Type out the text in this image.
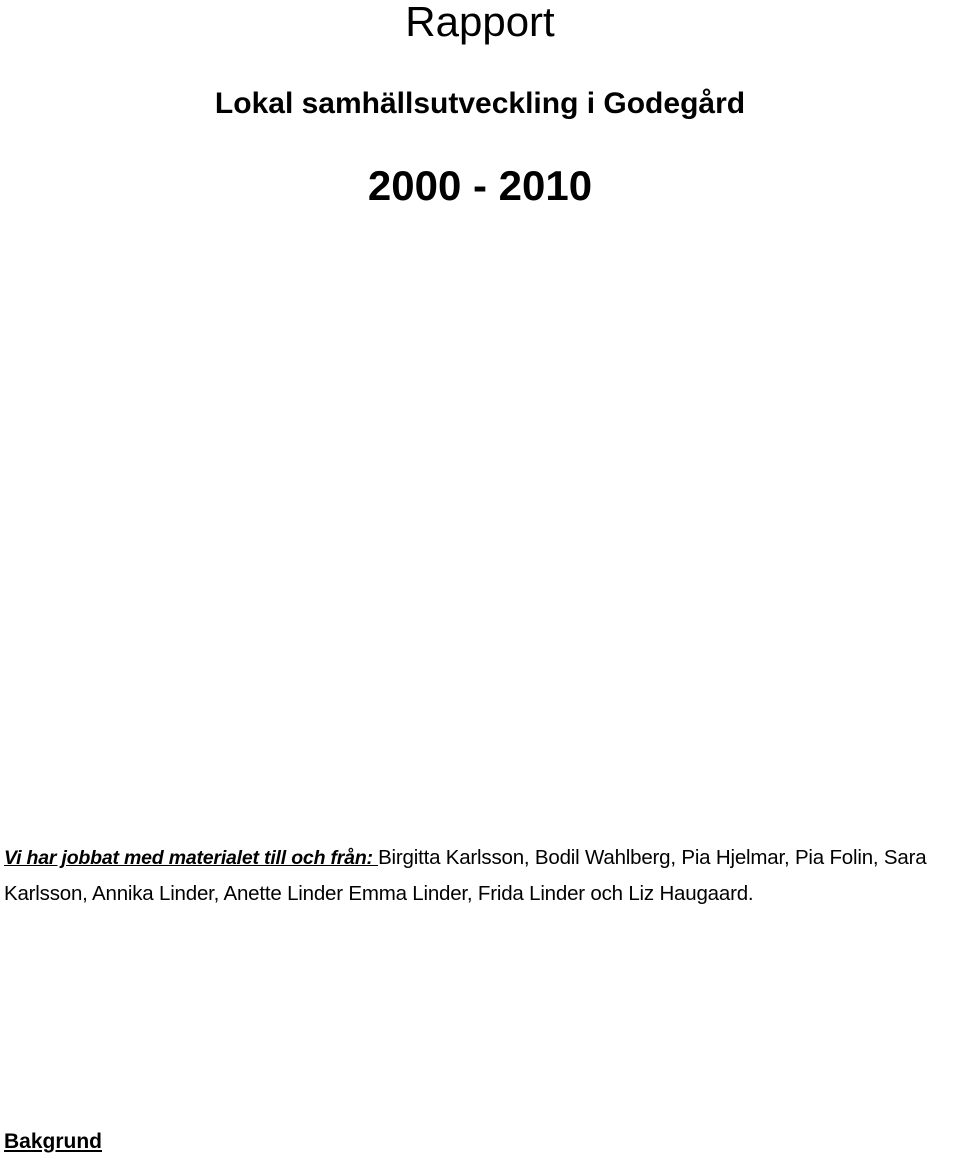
Rapport
Lokal samhällsutveckling i Godegård
2000 - 2010

Vi har jobbat med materialet till och från: Birgitta Karlsson, Bodil Wahlberg, Pia Hjelmar, Pia Folin, Sara Karlsson, Annika Linder, Anette Linder Emma Linder, Frida Linder och Liz Haugaard.

Bakgrund
